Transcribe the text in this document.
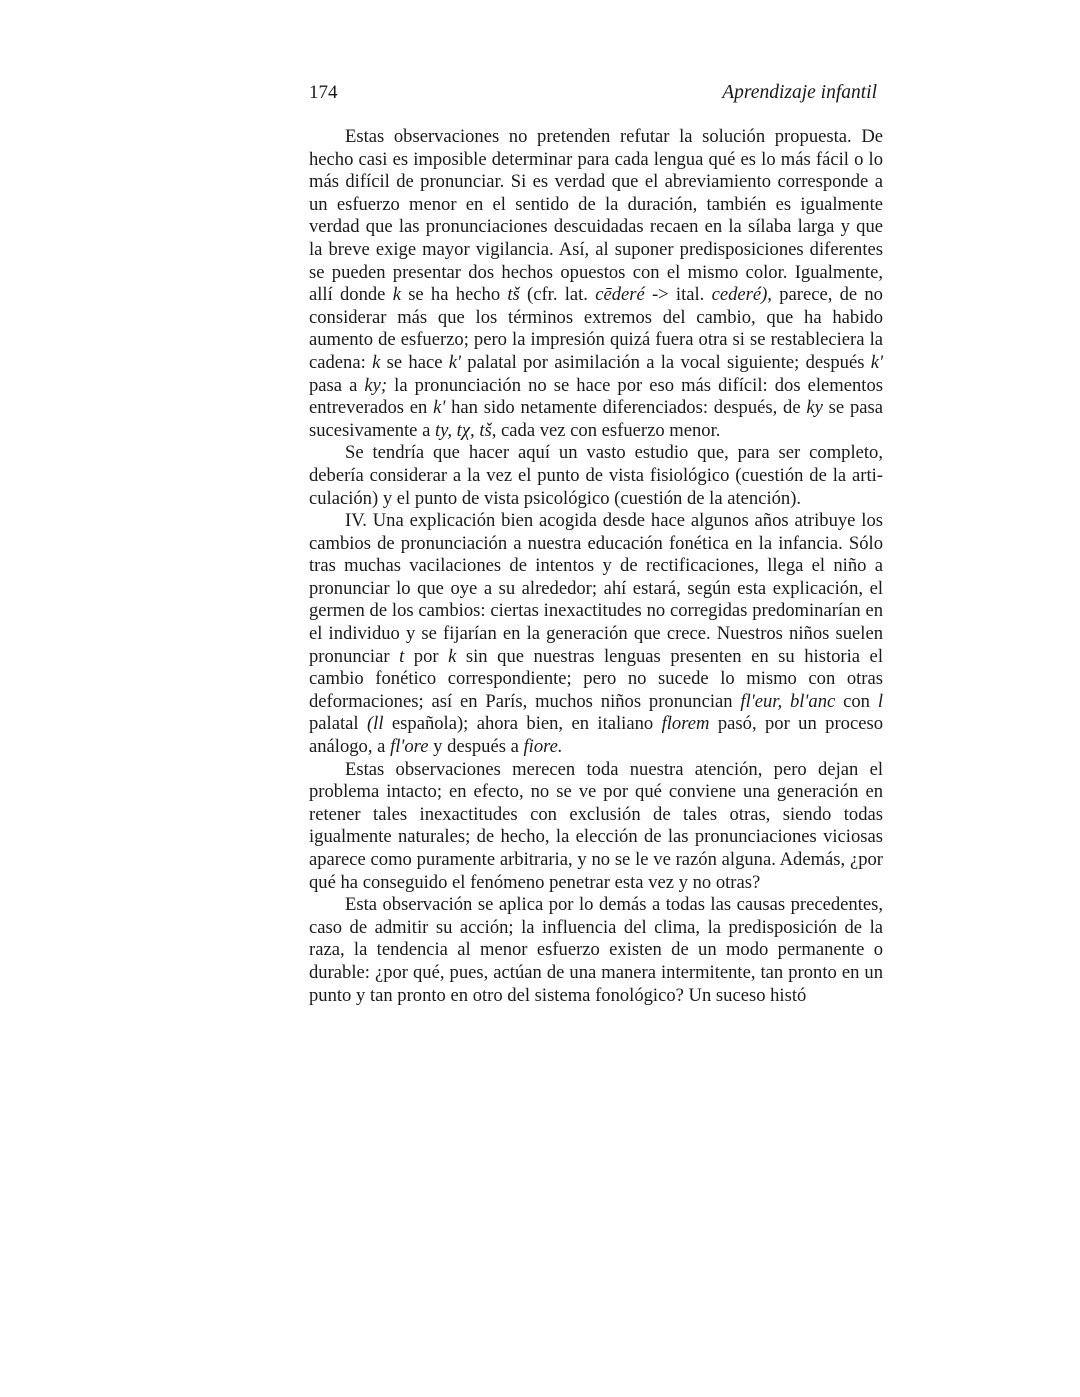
174	Aprendizaje infantil

Estas observaciones no pretenden refutar la solución propuesta. De hecho casi es imposible determinar para cada lengua qué es lo más fácil o lo más difícil de pronunciar. Si es verdad que el abreviamiento corresponde a un esfuerzo menor en el sentido de la duración, también es igualmente verdad que las pronunciaciones descuidadas recaen en la sílaba larga y que la breve exige mayor vigilancia. Así, al suponer predisposiciones diferentes se pueden presentar dos hechos opuestos con el mismo color. Igualmente, allí donde k se ha hecho tš (cfr. lat. cēderé -> ital. cederé), parece, de no considerar más que los términos extremos del cambio, que ha habido aumento de esfuerzo; pero la impresión quizá fuera otra si se restableciera la cadena: k se hace k' palatal por asimilación a la vocal siguiente; después k' pasa a ky; la pronunciación no se hace por eso más difícil: dos elementos entreverados en k' han sido netamente diferenciados: después, de ky se pasa sucesivamente a ty, tχ, tš, cada vez con esfuerzo menor.

Se tendría que hacer aquí un vasto estudio que, para ser completo, debería considerar a la vez el punto de vista fisiológico (cuestión de la articulación) y el punto de vista psicológico (cuestión de la atención).

IV. Una explicación bien acogida desde hace algunos años atribuye los cambios de pronunciación a nuestra educación fonética en la infancia. Sólo tras muchas vacilaciones de intentos y de rectificaciones, llega el niño a pronunciar lo que oye a su alrededor; ahí estará, según esta explicación, el germen de los cambios: ciertas inexactitudes no corregidas predominarían en el individuo y se fijarían en la generación que crece. Nuestros niños suelen pronunciar t por k sin que nuestras lenguas presenten en su historia el cambio fonético correspondiente; pero no sucede lo mismo con otras deformaciones; así en París, muchos niños pronuncian fl'eur, bl'anc con l palatal (ll española); ahora bien, en italiano florem pasó, por un proceso análogo, a fl'ore y después a fiore.

Estas observaciones merecen toda nuestra atención, pero dejan el problema intacto; en efecto, no se ve por qué conviene una generación en retener tales inexactitudes con exclusión de tales otras, siendo todas igualmente naturales; de hecho, la elección de las pronunciaciones viciosas aparece como puramente arbitraria, y no se le ve razón alguna. Además, ¿por qué ha conseguido el fenómeno penetrar esta vez y no otras?

Esta observación se aplica por lo demás a todas las causas precedentes, caso de admitir su acción; la influencia del clima, la predisposición de la raza, la tendencia al menor esfuerzo existen de un modo permanente o durable: ¿por qué, pues, actúan de una manera intermitente, tan pronto en un punto y tan pronto en otro del sistema fonológico? Un suceso histó
